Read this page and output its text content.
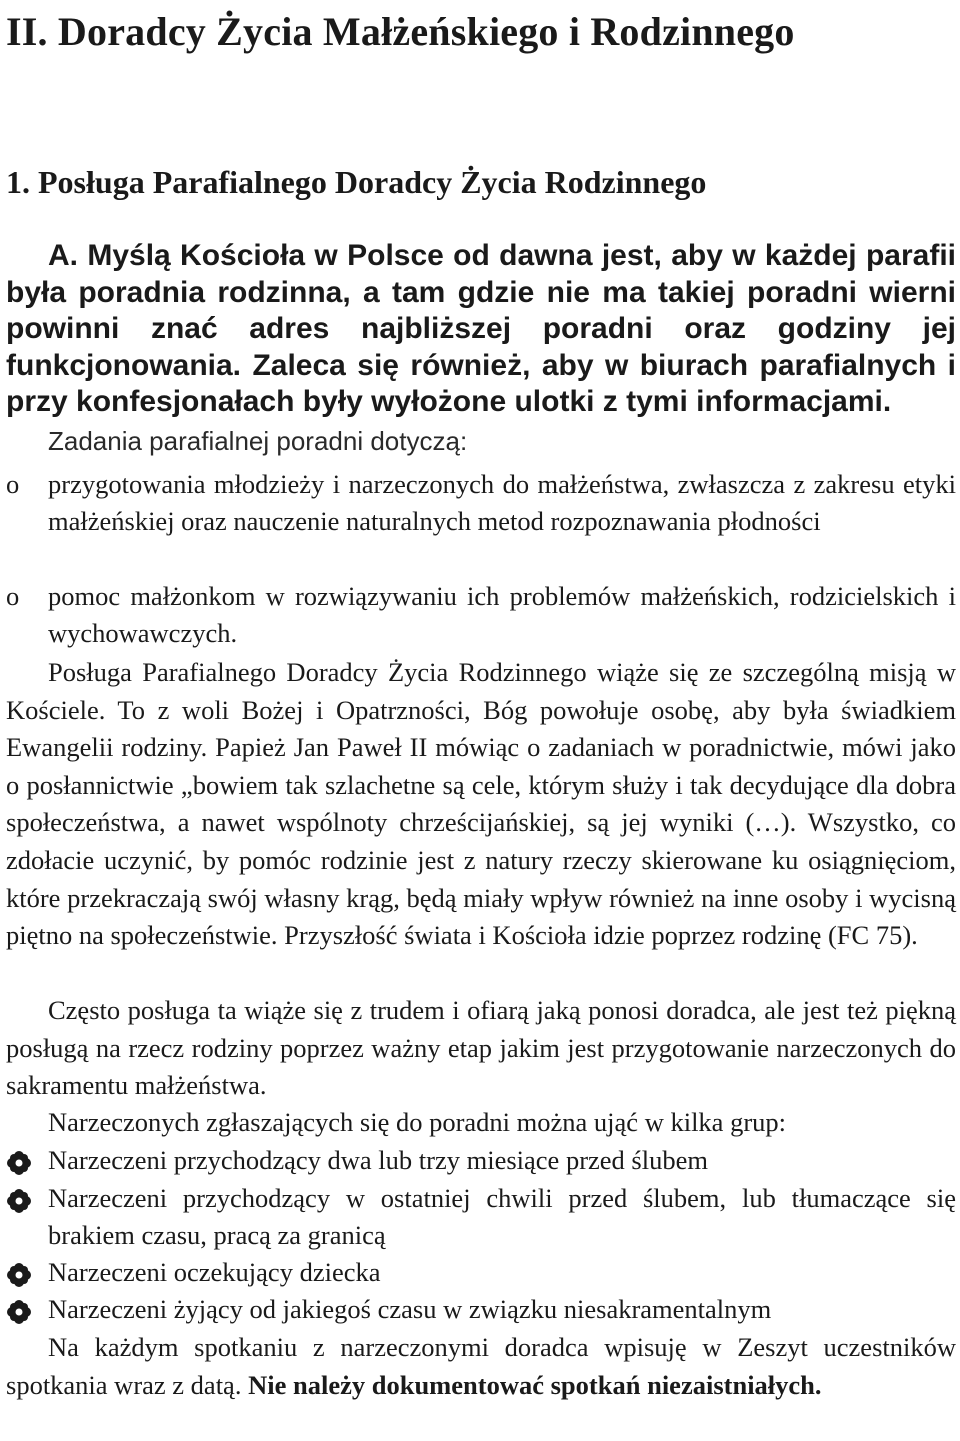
II. Doradcy Życia Małżeńskiego i Rodzinnego
1. Posługa Parafialnego Doradcy Życia Rodzinnego
A. Myślą Kościoła w Polsce od dawna jest, aby w każdej parafii była poradnia rodzinna, a tam gdzie nie ma takiej poradni wierni powinni znać adres najbliższej poradni oraz godziny jej funkcjonowania. Zaleca się również, aby w biurach parafialnych i przy konfesjonałach były wyłożone ulotki z tymi informacjami.
Zadania parafialnej poradni dotyczą:
o	przygotowania młodzieży i narzeczonych do małżeństwa, zwłaszcza z zakresu etyki małżeńskiej oraz nauczenie naturalnych metod rozpoznawania płodności
o	pomoc małżonkom w rozwiązywaniu ich problemów małżeńskich, rodzicielskich i wychowawczych.
Posługa Parafialnego Doradcy Życia Rodzinnego wiąże się ze szczególną misją w Kościele. To z woli Bożej i Opatrzności, Bóg powołuje osobę, aby była świadkiem Ewangelii rodziny. Papież Jan Paweł II mówiąc o zadaniach w poradnictwie, mówi jako o posłannictwie „bowiem tak szlachetne są cele, którym służy i tak decydujące dla dobra społeczeństwa, a nawet wspólnoty chrześcijańskiej, są jej wyniki (…). Wszystko, co zdołacie uczynić, by pomóc rodzinie jest z natury rzeczy skierowane ku osiągnięciom, które przekraczają swój własny krąg, będą miały wpływ również na inne osoby i wycisną piętno na społeczeństwie. Przyszłość świata i Kościoła idzie poprzez rodzinę (FC 75).
Często posługa ta wiąże się z trudem i ofiarą jaką ponosi doradca, ale jest też piękną posługą na rzecz rodziny poprzez ważny etap jakim jest przygotowanie narzeczonych do sakramentu małżeństwa.
Narzeczonych zgłaszających się do poradni można ująć w kilka grup:
Narzeczeni przychodzący dwa lub trzy miesiące przed ślubem
Narzeczeni przychodzący w ostatniej chwili przed ślubem, lub tłumaczące się brakiem czasu, pracą za granicą
Narzeczeni oczekujący dziecka
Narzeczeni żyjący od jakiegoś czasu w związku niesakramentalnym
Na każdym spotkaniu z narzeczonymi doradca wpisuję w Zeszyt uczestników spotkania wraz z datą. Nie należy dokumentować spotkań niezaistniałych.
